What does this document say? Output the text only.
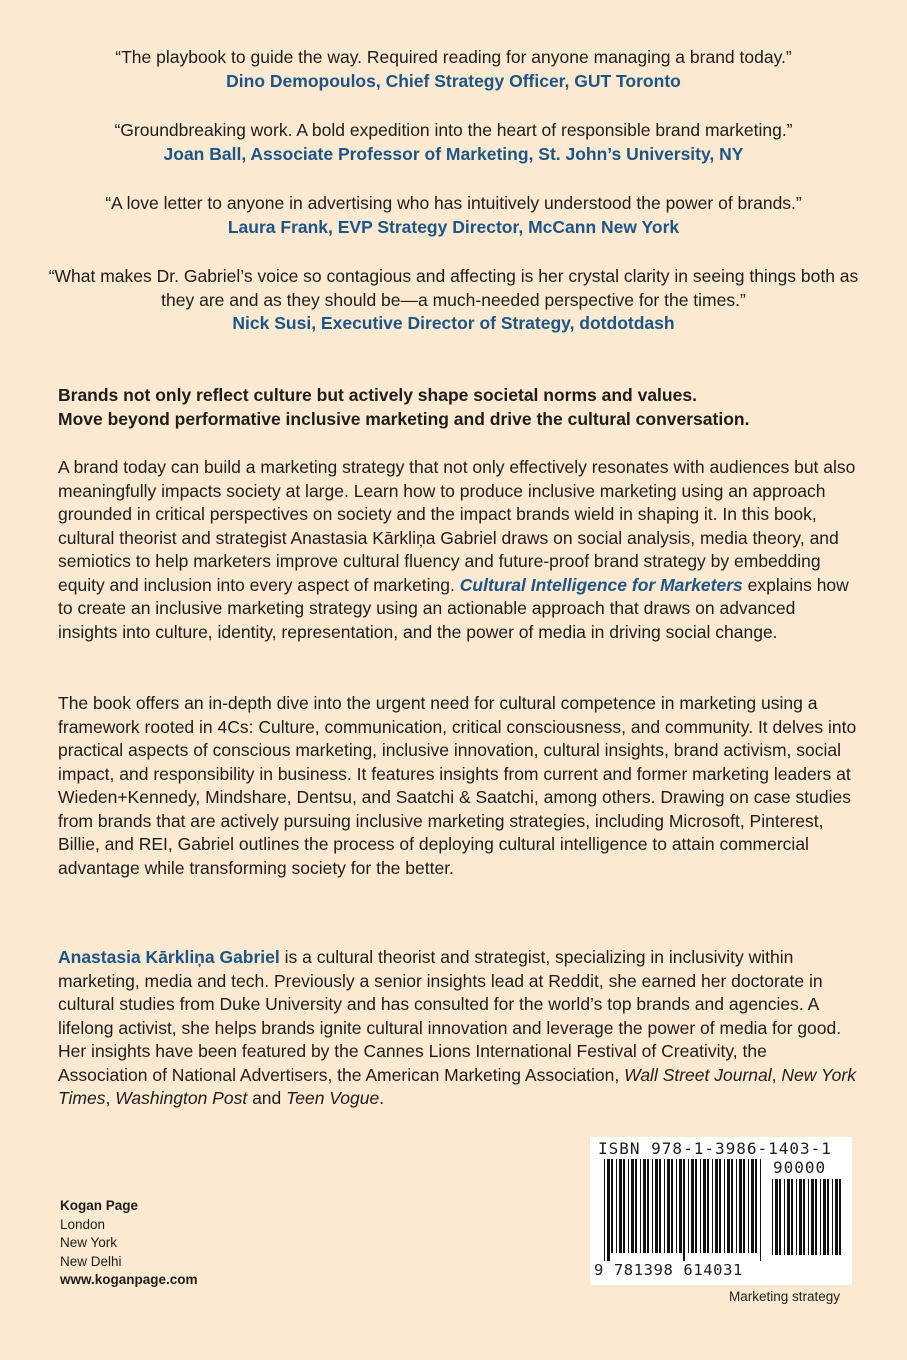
“The playbook to guide the way. Required reading for anyone managing a brand today.”
Dino Demopoulos, Chief Strategy Officer, GUT Toronto
“Groundbreaking work. A bold expedition into the heart of responsible brand marketing.”
Joan Ball, Associate Professor of Marketing, St. John’s University, NY
“A love letter to anyone in advertising who has intuitively understood the power of brands.”
Laura Frank, EVP Strategy Director, McCann New York
“What makes Dr. Gabriel’s voice so contagious and affecting is her crystal clarity in seeing things both as they are and as they should be—a much-needed perspective for the times.”
Nick Susi, Executive Director of Strategy, dotdotdash
Brands not only reflect culture but actively shape societal norms and values.
Move beyond performative inclusive marketing and drive the cultural conversation.
A brand today can build a marketing strategy that not only effectively resonates with audiences but also meaningfully impacts society at large. Learn how to produce inclusive marketing using an approach grounded in critical perspectives on society and the impact brands wield in shaping it. In this book, cultural theorist and strategist Anastasia Kārkliņa Gabriel draws on social analysis, media theory, and semiotics to help marketers improve cultural fluency and future-proof brand strategy by embedding equity and inclusion into every aspect of marketing. Cultural Intelligence for Marketers explains how to create an inclusive marketing strategy using an actionable approach that draws on advanced insights into culture, identity, representation, and the power of media in driving social change.
The book offers an in-depth dive into the urgent need for cultural competence in marketing using a framework rooted in 4Cs: Culture, communication, critical consciousness, and community. It delves into practical aspects of conscious marketing, inclusive innovation, cultural insights, brand activism, social impact, and responsibility in business. It features insights from current and former marketing leaders at Wieden+Kennedy, Mindshare, Dentsu, and Saatchi & Saatchi, among others. Drawing on case studies from brands that are actively pursuing inclusive marketing strategies, including Microsoft, Pinterest, Billie, and REI, Gabriel outlines the process of deploying cultural intelligence to attain commercial advantage while transforming society for the better.
Anastasia Kārkliņa Gabriel is a cultural theorist and strategist, specializing in inclusivity within marketing, media and tech. Previously a senior insights lead at Reddit, she earned her doctorate in cultural studies from Duke University and has consulted for the world’s top brands and agencies. A lifelong activist, she helps brands ignite cultural innovation and leverage the power of media for good. Her insights have been featured by the Cannes Lions International Festival of Creativity, the Association of National Advertisers, the American Marketing Association, Wall Street Journal, New York Times, Washington Post and Teen Vogue.
Kogan Page
London
New York
New Delhi
www.koganpage.com
ISBN 978-1-3986-1403-1
90000
9 781398 614031
Marketing strategy
